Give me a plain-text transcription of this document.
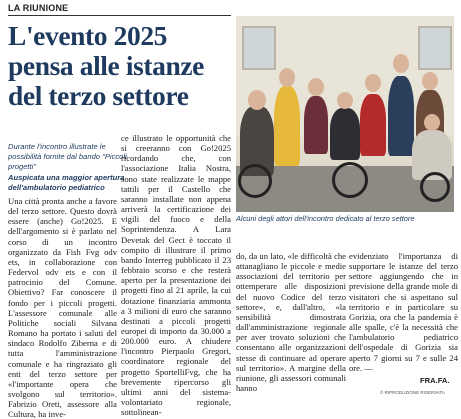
LA RIUNIONE
L'evento 2025
pensa alle istanze
del terzo settore

Durante l'incontro illustrate le possibilità fornite dal bando "Piccoli progetti"

Auspicata una maggior apertura dell'ambulatorio pediatrico

Alcuni degli attori dell'incontro dedicato al terzo settore

Una città pronta anche a favore del terzo settore. Questo dovrà essere (anche) Go!2025. E dell'argomento si è parlato nel corso di un incontro organizzato da Fish Fvg odv ets, in collaborazione con Federvol odv ets e con il patrocinio del Comune. Obiettivo? Far conoscere il fondo per i piccoli progetti. L'assessore comunale alle Politiche sociali Silvana Romano ha portato i saluti del sindaco Rodolfo Ziberna e di tutta l'amministrazione comunale e ha ringraziato gli enti del terzo settore per «l'importante opera che svolgono sul territorio». Fabrizio Oreti, assessore alla Cultura, ha inve-

ce illustrato le opportunità che si creeranno con Go!2025 ricordando che, con l'associazione Italia Nostra, sono state realizzate le mappe tattili per il Castello che saranno installate non appena arriverà la certificazione dei vigili del fuoco e della Soprintendenza. A Lara Devetak del Gect è toccato il compito di illustrare il primo bando Interreg pubblicato il 23 febbraio scorso e che resterà aperto per la presentazione dei progetti fino al 21 aprile, la cui dotazione finanziaria ammonta a 3 milioni di euro che saranno destinati a piccoli progetti europei di importo da 30.000 a 200.000 euro. A chiudere l'incontro Pierpaolo Gregori, coordinatore regionale del progetto SportelliFvg, che ha brevemente ripercorso gli ultimi anni del sistema-volontariato regionale, sottolinean-

do, da un lato, «le difficoltà che attanagliano le piccole e medie associazioni del territorio per ottemperare alle disposizioni del nuovo Codice del terzo settore», e, dall'altro, «la sensibilità dimostrata dall'amministrazione regionale per aver trovato soluzioni che consentano alle organizzazioni stesse di continuare ad operare sul territorio». A margine della riunione, gli assessori comunali hanno

evidenziato l'importanza di supportare le istanze del terzo settore aggiungendo che in previsione della grande mole di visitatori che si aspettano sul territorio e in particolare su Gorizia, ora che la pandemia è alle spalle, c'è la necessità che l'ambulatorio pediatrico dell'ospedale di Gorizia sia aperto 7 giorni su 7 e sulle 24 ore. —

FRA.FA.
© RIPRODUZIONE RISERVATA
